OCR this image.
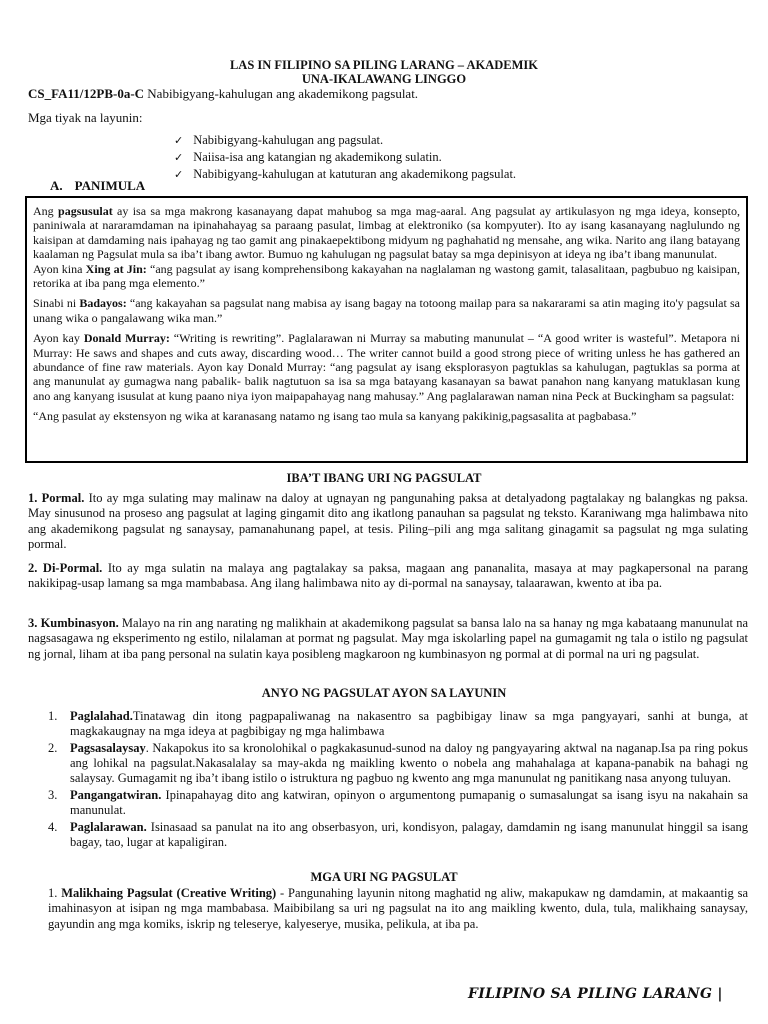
LAS IN FILIPINO SA PILING LARANG – AKADEMIK
UNA-IKALAWANG LINGGO
CS_FA11/12PB-0a-C Nabibigyang-kahulugan ang akademikong pagsulat.
Mga tiyak na layunin:
✓ Nabibigyang-kahulugan ang pagsulat.
✓ Naiisa-isa ang katangian ng akademikong sulatin.
✓ Nabibigyang-kahulugan at katuturan ang akademikong pagsulat.
A. PANIMULA

Ang pagsusulat ay isa sa mga makrong kasanayang dapat mahubog sa mga mag-aaral. Ang pagsulat ay artikulasyon ng mga ideya, konsepto, paniniwala at nararamdaman na ipinahahayag sa paraang pasulat, limbag at elektroniko (sa kompyuter). Ito ay isang kasanayang naglulundo ng kaisipan at damdaming nais ipahayag ng tao gamit ang pinakaepektibong midyum ng paghahatid ng mensahe, ang wika. Narito ang ilang batayang kaalaman ng Pagsulat mula sa iba’t ibang awtor. Bumuo ng kahulugan ng pagsulat batay sa mga depinisyon at ideya ng iba’t ibang manunulat.

Ayon kina Xing at Jin: “ang pagsulat ay isang komprehensibong kakayahan na naglalaman ng wastong gamit, talasalitaan, pagbubuo ng kaisipan, retorika at iba pang mga elemento.”

Sinabi ni Badayos: “ang kakayahan sa pagsulat nang mabisa ay isang bagay na totoong mailap para sa nakararami sa atin maging ito'y pagsulat sa unang wika o pangalawang wika man.”

Ayon kay Donald Murray: “Writing is rewriting”. Paglalarawan ni Murray sa mabuting manunulat – “A good writer is wasteful”. Metapora ni Murray: He saws and shapes and cuts away, discarding wood… The writer cannot build a good strong piece of writing unless he has gathered an abundance of fine raw materials. Ayon kay Donald Murray: “ang pagsulat ay isang eksplorasyon pagtuklas sa kahulugan, pagtuklas sa porma at ang manunulat ay gumagwa nang pabalik- balik nagtutuon sa isa sa mga batayang kasanayan sa bawat panahon nang kanyang matuklasan kung ano ang kanyang isusulat at kung paano niya iyon maipapahayag nang mahusay.” Ang paglalarawan naman nina Peck at Buckingham sa pagsulat:

“Ang pasulat ay ekstensyon ng wika at karanasang natamo ng isang tao mula sa kanyang pakikinig,pagsasalita at pagbabasa.”

IBA’T IBANG URI NG PAGSULAT

1. Pormal. Ito ay mga sulating may malinaw na daloy at ugnayan ng pangunahing paksa at detalyadong pagtalakay ng balangkas ng paksa. May sinusunod na proseso ang pagsulat at laging gingamit dito ang ikatlong panauhan sa pagsulat ng teksto. Karaniwang mga halimbawa nito ang akademikong pagsulat ng sanaysay, pamanahunang papel, at tesis. Piling–pili ang mga salitang ginagamit sa pagsulat ng mga sulating pormal.

2. Di-Pormal. Ito ay mga sulatin na malaya ang pagtalakay sa paksa, magaan ang pananalita, masaya at may pagkapersonal na parang nakikipag-usap lamang sa mga mambabasa. Ang ilang halimbawa nito ay di-pormal na sanaysay, talaarawan, kwento at iba pa.

3. Kumbinasyon. Malayo na rin ang narating ng malikhain at akademikong pagsulat sa bansa lalo na sa hanay ng mga kabataang manunulat na nagsasagawa ng eksperimento ng estilo, nilalaman at pormat ng pagsulat. May mga iskolarling papel na gumagamit ng tala o istilo ng pagsulat ng jornal, liham at iba pang personal na sulatin kaya posibleng magkaroon ng kumbinasyon ng pormal at di pormal na uri ng pagsulat.

ANYO NG PAGSULAT AYON SA LAYUNIN
1. Paglalahad.Tinatawag din itong pagpapaliwanag na nakasentro sa pagbibigay linaw sa mga pangyayari, sanhi at bunga, at magkakaugnay na mga ideya at pagbibigay ng mga halimbawa
2. Pagsasalaysay. Nakapokus ito sa kronolohikal o pagkakasunud-sunod na daloy ng pangyayaring aktwal na naganap.Isa pa ring pokus ang lohikal na pagsulat.Nakasalalay sa may-akda ng maikling kwento o nobela ang mahahalaga at kapana-panabik na bahagi ng salaysay. Gumagamit ng iba’t ibang istilo o istruktura ng pagbuo ng kwento ang mga manunulat ng panitikang nasa anyong tuluyan.
3. Pangangatwiran. Ipinapahayag dito ang katwiran, opinyon o argumentong pumapanig o sumasalungat sa isang isyu na nakahain sa manunulat.
4. Paglalarawan. Isinasaad sa panulat na ito ang obserbasyon, uri, kondisyon, palagay, damdamin ng isang manunulat hinggil sa isang bagay, tao, lugar at kapaligiran.
MGA URI NG PAGSULAT

1. Malikhaing Pagsulat (Creative Writing) - Pangunahing layunin nitong maghatid ng aliw, makapukaw ng damdamin, at makaantig sa imahinasyon at isipan ng mga mambabasa. Maibibilang sa uri ng pagsulat na ito ang maikling kwento, dula, tula, malikhaing sanaysay, gayundin ang mga komiks, iskrip ng teleserye, kalyeserye, musika, pelikula, at iba pa.

FILIPINO SA PILING LARANG |
